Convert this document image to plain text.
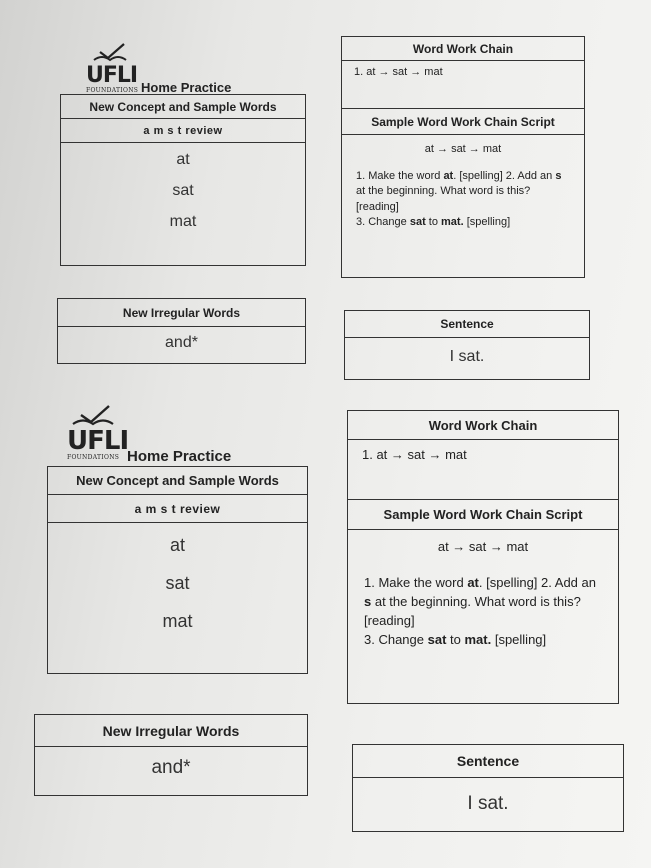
UFLI
FOUNDATIONS Home Practice
New Concept and Sample Words
a m s t review
at
sat
mat
New Irregular Words
and*
Word Work Chain
1. at → sat → mat
Sample Word Work Chain Script
at → sat → mat

1. Make the word at. [spelling] 2. Add an s at the beginning. What word is this? [reading]

3. Change sat to mat. [spelling]

Sentence
I sat.
UFLI
FOUNDATIONS Home Practice
New Concept and Sample Words
a m s t review
at
sat
mat
New Irregular Words
and*
Word Work Chain
1. at → sat → mat
Sample Word Work Chain Script
at → sat → mat

1. Make the word at. [spelling] 2. Add an s at the beginning. What word is this? [reading]

3. Change sat to mat. [spelling]

Sentence
I sat.
